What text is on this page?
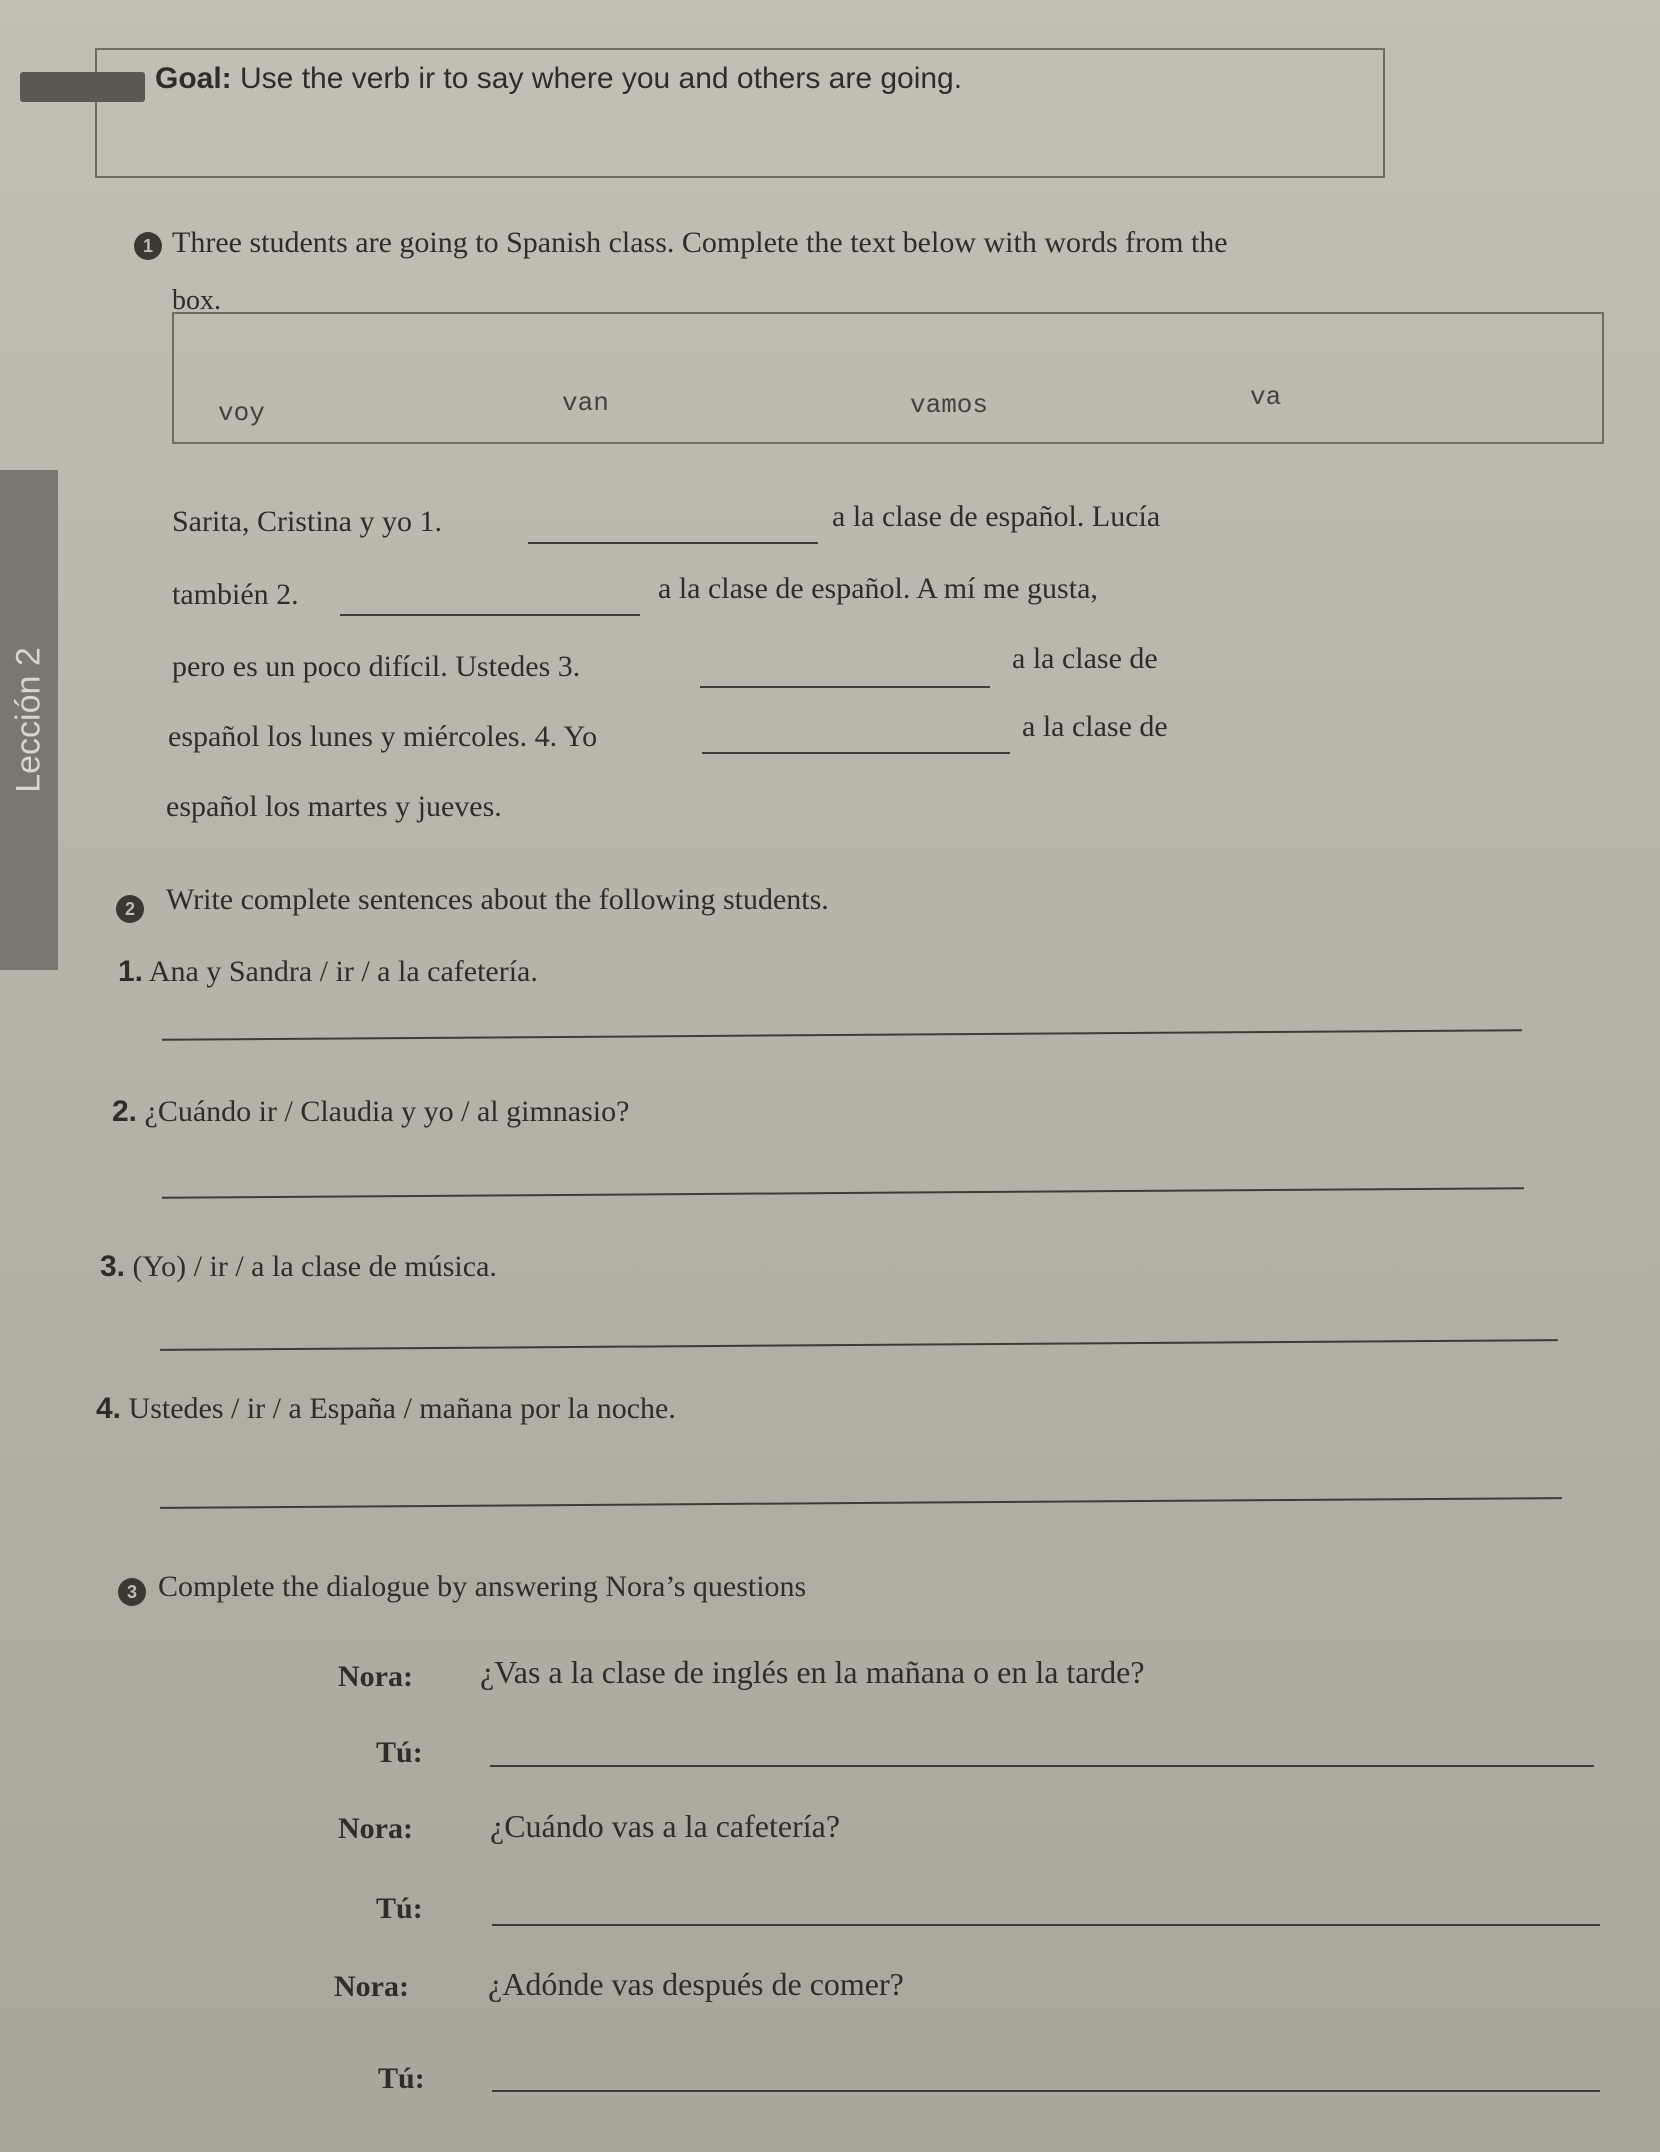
Goal: Use the verb ir to say where you and others are going.
1 Three students are going to Spanish class. Complete the text below with words from the
box.
voy	van	vamos	va
Lección 2
Sarita, Cristina y yo 1.	a la clase de español. Lucía
también 2.	a la clase de español. A mí me gusta,
pero es un poco difícil. Ustedes 3.	a la clase de
español los lunes y miércoles. 4. Yo	a la clase de
español los martes y jueves.
2	Write complete sentences about the following students.
1. Ana y Sandra / ir / a la cafetería.
2. ¿Cuándo ir / Claudia y yo / al gimnasio?
3. (Yo) / ir / a la clase de música.
4. Ustedes / ir / a España / mañana por la noche.
3 Complete the dialogue by answering Nora’s questions
Nora: ¿Vas a la clase de inglés en la mañana o en la tarde?
Tú:
Nora: ¿Cuándo vas a la cafetería?
Tú:
Nora: ¿Adónde vas después de comer?
Tú:
